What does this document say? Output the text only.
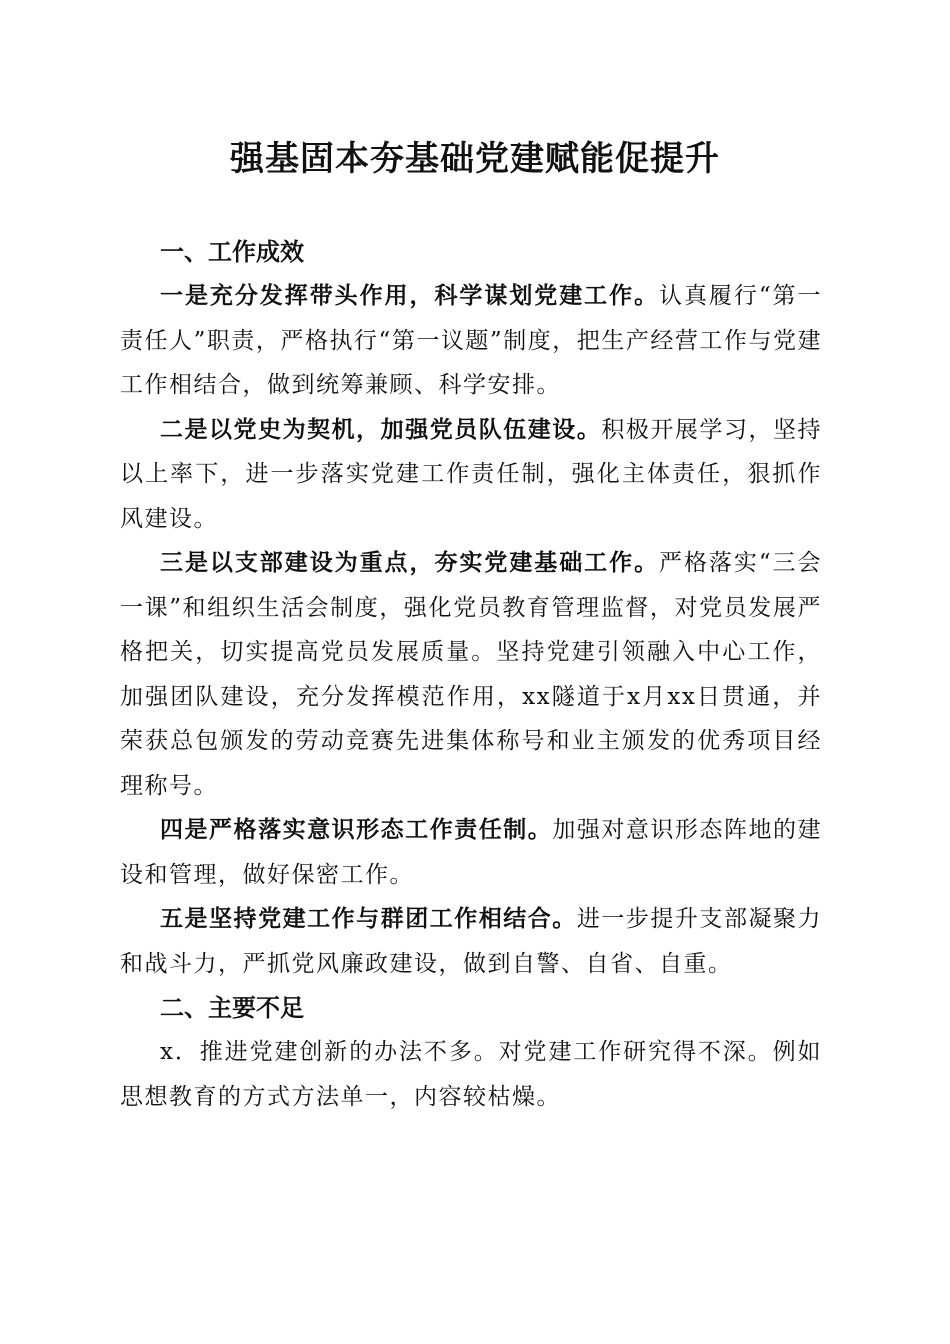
强基固本夯基础党建赋能促提升

一、工作成效

一是充分发挥带头作用，科学谋划党建工作。认真履行“第一责任人”职责，严格执行“第一议题”制度，把生产经营工作与党建工作相结合，做到统筹兼顾、科学安排。

二是以党史为契机，加强党员队伍建设。积极开展学习，坚持以上率下，进一步落实党建工作责任制，强化主体责任，狠抓作风建设。

三是以支部建设为重点，夯实党建基础工作。严格落实“三会一课”和组织生活会制度，强化党员教育管理监督，对党员发展严格把关，切实提高党员发展质量。坚持党建引领融入中心工作，加强团队建设，充分发挥模范作用，xx隧道于x月xx日贯通，并荣获总包颁发的劳动竞赛先进集体称号和业主颁发的优秀项目经理称号。

四是严格落实意识形态工作责任制。加强对意识形态阵地的建设和管理，做好保密工作。

五是坚持党建工作与群团工作相结合。进一步提升支部凝聚力和战斗力，严抓党风廉政建设，做到自警、自省、自重。

二、主要不足

x．推进党建创新的办法不多。对党建工作研究得不深。例如思想教育的方式方法单一，内容较枯燥。
